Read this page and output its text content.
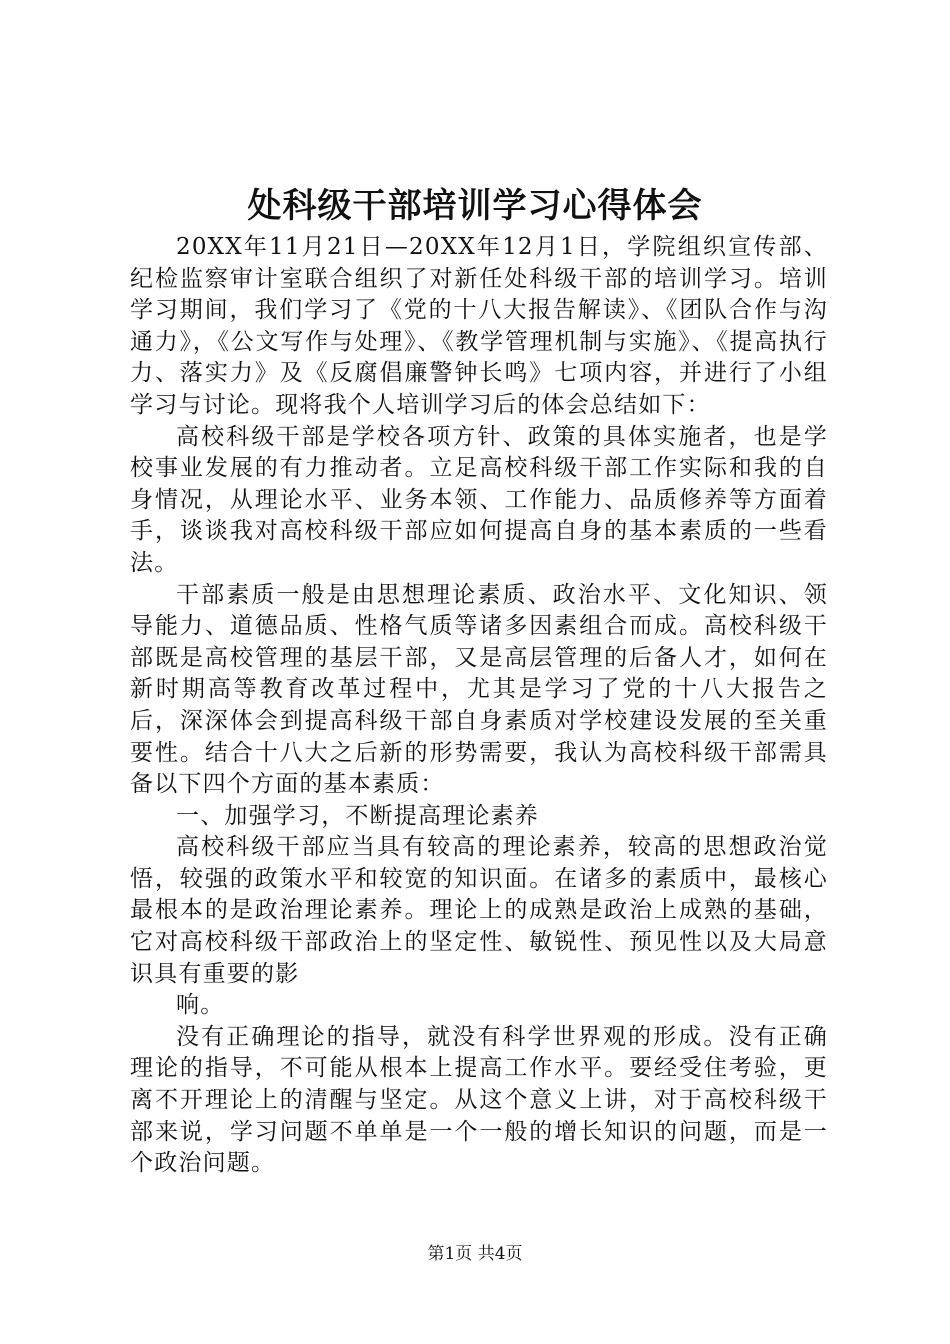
处科级干部培训学习心得体会

20XX年11月21日—20XX年12月1日，学院组织宣传部、纪检监察审计室联合组织了对新任处科级干部的培训学习。培训学习期间，我们学习了《党的十八大报告解读》、《团队合作与沟通力》，《公文写作与处理》、《教学管理机制与实施》、《提高执行力、落实力》及《反腐倡廉警钟长鸣》七项内容，并进行了小组学习与讨论。现将我个人培训学习后的体会总结如下：

高校科级干部是学校各项方针、政策的具体实施者，也是学校事业发展的有力推动者。立足高校科级干部工作实际和我的自身情况，从理论水平、业务本领、工作能力、品质修养等方面着手，谈谈我对高校科级干部应如何提高自身的基本素质的一些看法。

干部素质一般是由思想理论素质、政治水平、文化知识、领导能力、道德品质、性格气质等诸多因素组合而成。高校科级干部既是高校管理的基层干部，又是高层管理的后备人才，如何在新时期高等教育改革过程中，尤其是学习了党的十八大报告之后，深深体会到提高科级干部自身素质对学校建设发展的至关重要性。结合十八大之后新的形势需要，我认为高校科级干部需具备以下四个方面的基本素质：

一、加强学习，不断提高理论素养

高校科级干部应当具有较高的理论素养，较高的思想政治觉悟，较强的政策水平和较宽的知识面。在诸多的素质中，最核心最根本的是政治理论素养。理论上的成熟是政治上成熟的基础，它对高校科级干部政治上的坚定性、敏锐性、预见性以及大局意识具有重要的影

响。

没有正确理论的指导，就没有科学世界观的形成。没有正确理论的指导，不可能从根本上提高工作水平。要经受住考验，更离不开理论上的清醒与坚定。从这个意义上讲，对于高校科级干部来说，学习问题不单单是一个一般的增长知识的问题，而是一个政治问题。

第1页 共4页
